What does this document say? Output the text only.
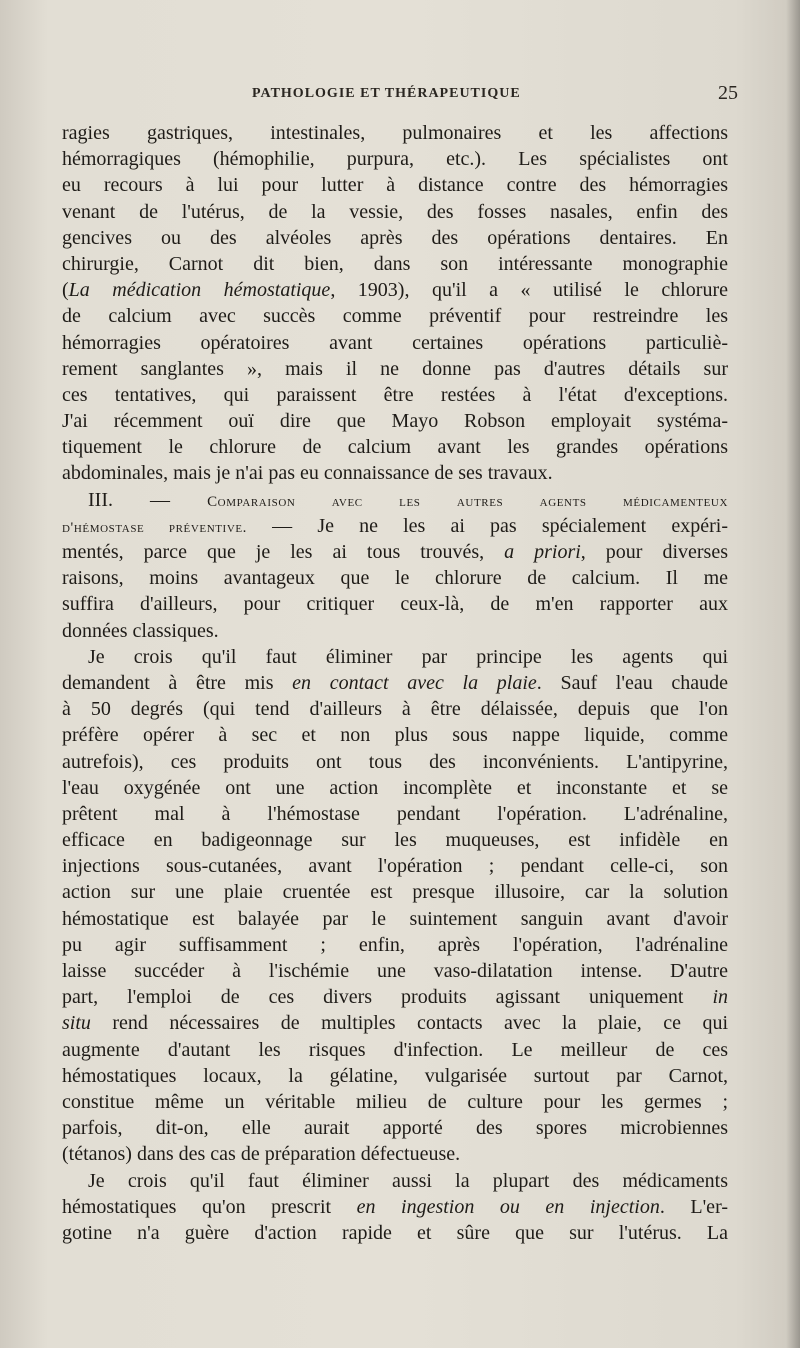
PATHOLOGIE ET THÉRAPEUTIQUE	25
ragies gastriques, intestinales, pulmonaires et les affections
hémorragiques (hémophilie, purpura, etc.). Les spécialistes ont
eu recours à lui pour lutter à distance contre des hémorragies
venant de l'utérus, de la vessie, des fosses nasales, enfin des
gencives ou des alvéoles après des opérations dentaires. En
chirurgie, Carnot dit bien, dans son intéressante monographie
(La médication hémostatique, 1903), qu'il a « utilisé le chlorure
de calcium avec succès comme préventif pour restreindre les
hémorragies opératoires avant certaines opérations particuliè-
rement sanglantes », mais il ne donne pas d'autres détails sur
ces tentatives, qui paraissent être restées à l'état d'exceptions.
J'ai récemment ouï dire que Mayo Robson employait systéma-
tiquement le chlorure de calcium avant les grandes opérations
abdominales, mais je n'ai pas eu connaissance de ses travaux.
III. — Comparaison avec les autres agents médicamenteux
d'hémostase préventive. — Je ne les ai pas spécialement expéri-
mentés, parce que je les ai tous trouvés, a priori, pour diverses
raisons, moins avantageux que le chlorure de calcium. Il me
suffira d'ailleurs, pour critiquer ceux-là, de m'en rapporter aux
données classiques.
Je crois qu'il faut éliminer par principe les agents qui
demandent à être mis en contact avec la plaie. Sauf l'eau chaude
à 50 degrés (qui tend d'ailleurs à être délaissée, depuis que l'on
préfère opérer à sec et non plus sous nappe liquide, comme
autrefois), ces produits ont tous des inconvénients. L'antipyrine,
l'eau oxygénée ont une action incomplète et inconstante et se
prêtent mal à l'hémostase pendant l'opération. L'adrénaline,
efficace en badigeonnage sur les muqueuses, est infidèle en
injections sous-cutanées, avant l'opération ; pendant celle-ci, son
action sur une plaie cruentée est presque illusoire, car la solution
hémostatique est balayée par le suintement sanguin avant d'avoir
pu agir suffisamment ; enfin, après l'opération, l'adrénaline
laisse succéder à l'ischémie une vaso-dilatation intense. D'autre
part, l'emploi de ces divers produits agissant uniquement in
situ rend nécessaires de multiples contacts avec la plaie, ce qui
augmente d'autant les risques d'infection. Le meilleur de ces
hémostatiques locaux, la gélatine, vulgarisée surtout par Carnot,
constitue même un véritable milieu de culture pour les germes ;
parfois, dit-on, elle aurait apporté des spores microbiennes
(tétanos) dans des cas de préparation défectueuse.
Je crois qu'il faut éliminer aussi la plupart des médicaments
hémostatiques qu'on prescrit en ingestion ou en injection. L'er-
gotine n'a guère d'action rapide et sûre que sur l'utérus. La
